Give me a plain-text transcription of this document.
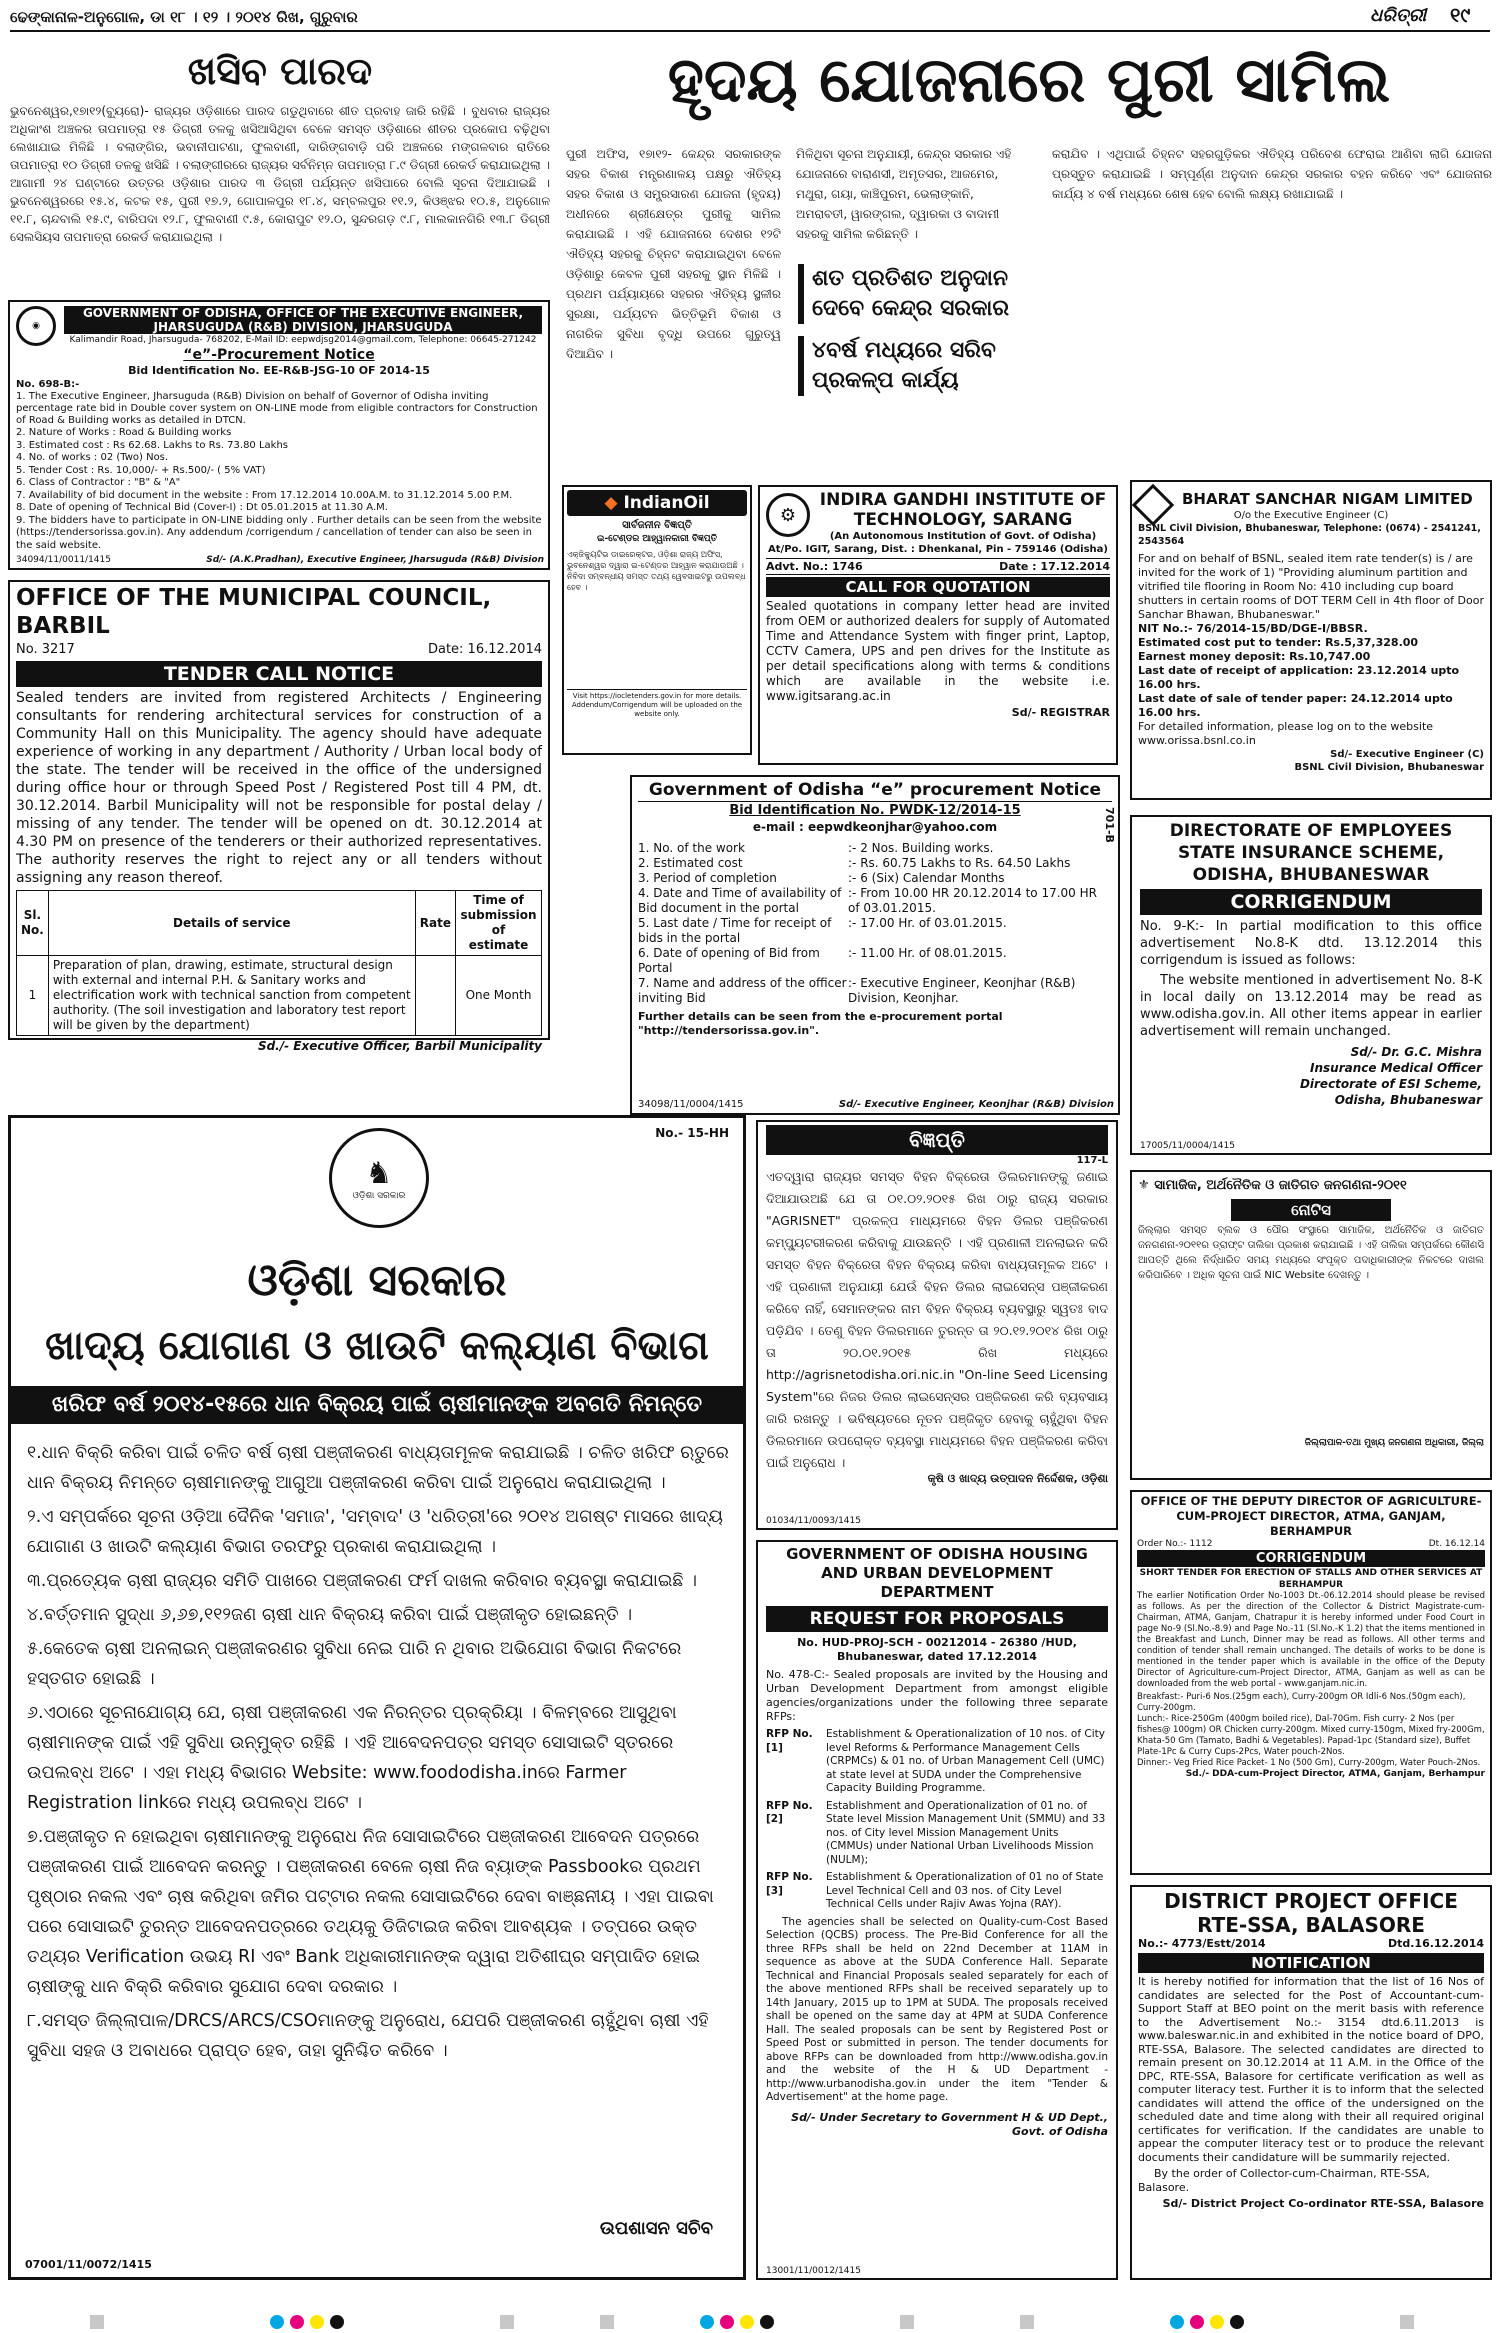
ଢେଙ୍କାନାଳ-ଅନୁଗୋଳ, ଡା ୧୮ । ୧୨ । ୨୦୧୪ ରିଖ, ଗୁରୁବାର	ଧରିତ୍ରୀ ୧୯
ଖସିବ ପାରଦ
ଭୁବନେଶ୍ୱର,୧୭ା୧୨(ବ୍ୟୁରୋ)- ରାଜ୍ୟର ଓଡ଼ିଶାରେ ପାରଦ ଗଡୁଥିବାରେ ଶୀତ ପ୍ରବାହ ଜାରି ରହିଛି । ବୁଧବାର ରାଜ୍ୟର ଅଧିକାଂଶ ଅଞ୍ଚଳର ତାପମାତ୍ରା ୧୫ ଡିଗ୍ରୀ ତଳକୁ ଖସିଆସିଥିବା ବେଳେ ସମସ୍ତ ଓଡ଼ିଶାରେ ଶୀତର ପ୍ରକୋପ ବଢ଼ିଥିବା ଲେଖାଯାଇ ମିଳିଛି । ବଲାଙ୍ଗିର, ଭବାନୀପାଟଣା, ଫୁଲବାଣୀ, ଦାରିଙ୍ଗବାଡ଼ି ପରି ଅଞ୍ଚଳରେ ମଙ୍ଗଳବାର ରାତିରେ ତାପମାତ୍ରା ୧୦ ଡିଗ୍ରୀ ତଳକୁ ଖସିଛି । ବଲାଙ୍ଗୀରରେ ରାଜ୍ୟର ସର୍ବନିମ୍ନ ତାପମାତ୍ରା ୮.୯ ଡିଗ୍ରୀ ରେକର୍ଡ କରାଯାଇଥିଲା । ଆଗାମୀ ୨୪ ଘଣ୍ଟାରେ ଉତ୍ତର ଓଡ଼ିଶାର ପାରଦ ୩ ଡିଗ୍ରୀ ପର୍ଯ୍ୟନ୍ତ ଖସିପାରେ ବୋଲି ସୂଚନା ଦିଆଯାଇଛି । ଭୁବନେଶ୍ୱରରେ ୧୫.୪, କଟକ ୧୫, ପୁରୀ ୧୭.୨, ଗୋପାଳପୁର ୧୮.୪, ସମ୍ବଲପୁର ୧୧.୨, କିଓଞ୍ଝର ୧୦.୫, ଅନୁଗୋଳ ୧୧.୮, ଚାନ୍ଦବାଲି ୧୫.୯, ବାରିପଦା ୧୨.୮, ଫୁଲବାଣୀ ୯.୫, କୋରାପୁଟ ୧୨.୦, ସୁନ୍ଦରଗଡ଼ ୯.୮, ମାଲକାନଗିରି ୧୩.୮ ଡିଗ୍ରୀ ସେଲସିୟସ ତାପମାତ୍ରା ରେକର୍ଡ କରାଯାଇଥିଲା ।
ହୃଦୟ ଯୋଜନାରେ ପୁରୀ ସାମିଲ
ପୁରୀ ଅଫିସ, ୧୭ା୧୨- କେନ୍ଦ୍ର ସରକାରଙ୍କ ସହର ବିକାଶ ମନ୍ତ୍ରଣାଳୟ ପକ୍ଷରୁ ଐତିହ୍ୟ ସହର ବିକାଶ ଓ ସମ୍ପ୍ରସାରଣ ଯୋଜନା (ହୃଦୟ) ଅଧୀନରେ ଶ୍ରୀକ୍ଷେତ୍ର ପୁରୀକୁ ସାମିଲ କରାଯାଇଛି । ଏହି ଯୋଜନାରେ ଦେଶର ୧୨ଟି ଐତିହ୍ୟ ସହରକୁ ଚିହ୍ନଟ କରାଯାଇଥିବା ବେଳେ ଓଡ଼ିଶାରୁ କେବଳ ପୁରୀ ସହରକୁ ସ୍ଥାନ ମିଳିଛି । ପ୍ରଥମ ପର୍ଯ୍ୟାୟରେ ସହରର ଐତିହ୍ୟ ସ୍ଥଳୀର ସୁରକ୍ଷା, ପର୍ଯ୍ୟଟନ ଭିତ୍ତିଭୂମି ବିକାଶ ଓ ନାଗରିକ ସୁବିଧା ବୃଦ୍ଧି ଉପରେ ଗୁରୁତ୍ୱ ଦିଆଯିବ ।
ମିଳିଥିବା ସୂଚନା ଅନୁଯାୟୀ, କେନ୍ଦ୍ର ସରକାର ଏହି ଯୋଜନାରେ ବାରାଣସୀ, ଅମୃତସର, ଆଜମେର, ମଥୁରା, ଗୟା, କାଞ୍ଚିପୁରମ, ଭେଲାଙ୍କାନି, ଅମରାବତୀ, ୱାରଙ୍ଗଲ, ଦ୍ୱାରକା ଓ ବାଦାମୀ ସହରକୁ ସାମିଲ କରିଛନ୍ତି ।
ଶତ ପ୍ରତିଶତ ଅନୁଦାନ ଦେବେ କେନ୍ଦ୍ର ସରକାର
୪ବର୍ଷ ମଧ୍ୟରେ ସରିବ ପ୍ରକଳ୍ପ କାର୍ଯ୍ୟ
କରାଯିବ । ଏଥିପାଇଁ ଚିହ୍ନଟ ସହରଗୁଡ଼ିକର ଐତିହ୍ୟ ପରିବେଶ ଫେରାଇ ଆଣିବା ଲାଗି ଯୋଜନା ପ୍ରସ୍ତୁତ କରାଯାଇଛି । ସମ୍ପୂର୍ଣ୍ଣ ଅନୁଦାନ କେନ୍ଦ୍ର ସରକାର ବହନ କରିବେ ଏବଂ ଯୋଜନାର କାର୍ଯ୍ୟ ୪ ବର୍ଷ ମଧ୍ୟରେ ଶେଷ ହେବ ବୋଲି ଲକ୍ଷ୍ୟ ରଖାଯାଇଛି ।
◉
GOVERNMENT OF ODISHA, OFFICE OF THE EXECUTIVE ENGINEER,
JHARSUGUDA (R&B) DIVISION, JHARSUGUDA
Kalimandir Road, Jharsuguda- 768202, E-Mail ID: eepwdjsg2014@gmail.com, Telephone: 06645-271242
“e”-Procurement Notice
Bid Identification No. EE-R&B-JSG-10 OF 2014-15
No. 698-B:-
1. The Executive Engineer, Jharsuguda (R&B) Division on behalf of Governor of Odisha inviting percentage rate bid in Double cover system on ON-LINE mode from eligible contractors for Construction of Road & Building works as detailed in DTCN.
2. Nature of Works : Road & Building works
3. Estimated cost : Rs 62.68. Lakhs to Rs. 73.80 Lakhs
4. No. of works : 02 (Two) Nos.
5. Tender Cost : Rs. 10,000/- + Rs.500/- ( 5% VAT)
6. Class of Contractor : "B" & "A"
7. Availability of bid document in the website : From 17.12.2014 10.00A.M. to 31.12.2014 5.00 P.M.
8. Date of opening of Technical Bid (Cover-I) : Dt 05.01.2015 at 11.30 A.M.
9. The bidders have to participate in ON-LINE bidding only . Further details can be seen from the website (https://tendersorissa.gov.in). Any addendum /corrigendum / cancellation of tender can also be seen in the said website.
34094/11/0011/1415	Sd/- (A.K.Pradhan), Executive Engineer, Jharsuguda (R&B) Division
OFFICE OF THE MUNICIPAL COUNCIL, BARBIL
No. 3217	Date: 16.12.2014
TENDER CALL NOTICE
Sealed tenders are invited from registered Architects / Engineering consultants for rendering architectural services for construction of a Community Hall on this Municipality. The agency should have adequate experience of working in any department / Authority / Urban local body of the state. The tender will be received in the office of the undersigned during office hour or through Speed Post / Registered Post till 4 PM, dt. 30.12.2014. Barbil Municipality will not be responsible for postal delay / missing of any tender. The tender will be opened on dt. 30.12.2014 at 4.30 PM on presence of the tenderers or their authorized representatives. The authority reserves the right to reject any or all tenders without assigning any reason thereof.
Sl. No.	Details of service	Rate	Time of submission of estimate
1	Preparation of plan, drawing, estimate, structural design with external and internal P.H. & Sanitary works and electrification work with technical sanction from competent authority. (The soil investigation and laboratory test report will be given by the department)		One Month
Sd./- Executive Officer, Barbil Municipality
◆ IndianOil
ସାର୍ବଜନୀନ ବିଜ୍ଞପ୍ତି
ଇ-ଟେଣ୍ଡର ଆହ୍ୱାନକାରୀ ବିଜ୍ଞପ୍ତି
ଏକ୍ଜିକ୍ୟୁଟିଭ ଡାଇରେକ୍ଟର, ଓଡ଼ିଶା ରାଜ୍ୟ ଅଫିସ, ଭୁବନେଶ୍ୱର ଦ୍ୱାରା ଇ-ଟେଣ୍ଡର ଆହ୍ୱାନ କରାଯାଉଅଛି । ନିବିଦା ସମ୍ବନ୍ଧୀୟ ସମସ୍ତ ତଥ୍ୟ ୱେବସାଇଟରୁ ଉପଲବ୍ଧ ହେବ ।
Visit https://iocletenders.gov.in for more details. Addendum/Corrigendum will be uploaded on the website only.
⚙
INDIRA GANDHI INSTITUTE OF TECHNOLOGY, SARANG
(An Autonomous Institution of Govt. of Odisha)
At/Po. IGIT, Sarang, Dist. : Dhenkanal, Pin - 759146 (Odisha)
Advt. No.: 1746	Date : 17.12.2014
CALL FOR QUOTATION
Sealed quotations in company letter head are invited from OEM or authorized dealers for supply of Automated Time and Attendance System with finger print, Laptop, CCTV Camera, UPS and pen drives for the Institute as per detail specifications along with terms & conditions which are available in the website i.e. www.igitsarang.ac.in
Sd/- REGISTRAR
BHARAT SANCHAR NIGAM LIMITED
O/o the Executive Engineer (C)
BSNL Civil Division, Bhubaneswar, Telephone: (0674) - 2541241, 2543564
For and on behalf of BSNL, sealed item rate tender(s) is / are invited for the work of 1) "Providing aluminum partition and vitrified tile flooring in Room No: 410 including cup board shutters in certain rooms of DOT TERM Cell in 4th floor of Door Sanchar Bhawan, Bhubaneswar."
NIT No.:- 76/2014-15/BD/DGE-I/BBSR.
Estimated cost put to tender: Rs.5,37,328.00
Earnest money deposit: Rs.10,747.00
Last date of receipt of application: 23.12.2014 upto 16.00 hrs.
Last date of sale of tender paper: 24.12.2014 upto 16.00 hrs.
For detailed information, please log on to the website www.orissa.bsnl.co.in
Sd/- Executive Engineer (C)
BSNL Civil Division, Bhubaneswar
Government of Odisha “e” procurement Notice
Bid Identification No. PWDK-12/2014-15
e-mail : eepwdkeonjhar@yahoo.com	701-B
1. No. of the work	:- 2 Nos. Building works.
2. Estimated cost	:- Rs. 60.75 Lakhs to Rs. 64.50 Lakhs
3. Period of completion	:- 6 (Six) Calendar Months
4. Date and Time of availability of Bid document in the portal	:- From 10.00 HR 20.12.2014 to 17.00 HR of 03.01.2015.
5. Last date / Time for receipt of bids in the portal	:- 17.00 Hr. of 03.01.2015.
6. Date of opening of Bid from Portal	:- 11.00 Hr. of 08.01.2015.
7. Name and address of the officer inviting Bid	:- Executive Engineer, Keonjhar (R&B) Division, Keonjhar.
Further details can be seen from the e-procurement portal "http://tendersorissa.gov.in".
34098/11/0004/1415	Sd/- Executive Engineer, Keonjhar (R&B) Division
DIRECTORATE OF EMPLOYEES STATE INSURANCE SCHEME, ODISHA, BHUBANESWAR
CORRIGENDUM
No. 9-K:- In partial modification to this office advertisement No.8-K dtd. 13.12.2014 this corrigendum is issued as follows:
The website mentioned in advertisement No. 8-K in local daily on 13.12.2014 may be read as www.odisha.gov.in. All other items appear in earlier advertisement will remain unchanged.
Sd/- Dr. G.C. Mishra
Insurance Medical Officer
Directorate of ESI Scheme,
Odisha, Bhubaneswar
17005/11/0004/1415
No.- 15-HH
♞
ଓଡ଼ିଶା ସରକାର
ଓଡ଼ିଶା ସରକାର
ଖାଦ୍ୟ ଯୋଗାଣ ଓ ଖାଉଟି କଲ୍ୟାଣ ବିଭାଗ
ଖରିଫ ବର୍ଷ ୨୦୧୪-୧୫ରେ ଧାନ ବିକ୍ରୟ ପାଇଁ ଚାଷୀମାନଙ୍କ ଅବଗତି ନିମନ୍ତେ
୧.ଧାନ ବିକ୍ରି କରିବା ପାଇଁ ଚଳିତ ବର୍ଷ ଚାଷୀ ପଞ୍ଜୀକରଣ ବାଧ୍ୟତାମୂଳକ କରାଯାଇଛି । ଚଳିତ ଖରିଫ ଋତୁରେ ଧାନ ବିକ୍ରୟ ନିମନ୍ତେ ଚାଷୀମାନଙ୍କୁ ଆଗୁଆ ପଞ୍ଜୀକରଣ କରିବା ପାଇଁ ଅନୁରୋଧ କରାଯାଇଥିଲା ।
୨.ଏ ସମ୍ପର୍କରେ ସୂଚନା ଓଡ଼ିଆ ଦୈନିକ 'ସମାଜ', 'ସମ୍ବାଦ' ଓ 'ଧରିତ୍ରୀ'ରେ ୨୦୧୪ ଅଗଷ୍ଟ ମାସରେ ଖାଦ୍ୟ ଯୋଗାଣ ଓ ଖାଉଟି କଲ୍ୟାଣ ବିଭାଗ ତରଫରୁ ପ୍ରକାଶ କରାଯାଇଥିଲା ।
୩.ପ୍ରତ୍ୟେକ ଚାଷୀ ରାଜ୍ୟର ସମିତି ପାଖରେ ପଞ୍ଜୀକରଣ ଫର୍ମ ଦାଖଲ କରିବାର ବ୍ୟବସ୍ଥା କରାଯାଇଛି ।
୪.ବର୍ତ୍ତମାନ ସୁଦ୍ଧା ୬,୬୭,୧୧୨ଜଣ ଚାଷୀ ଧାନ ବିକ୍ରୟ କରିବା ପାଇଁ ପଞ୍ଜୀକୃତ ହୋଇଛନ୍ତି ।
୫.କେତେକ ଚାଷୀ ଅନଲାଇନ୍ ପଞ୍ଜୀକରଣର ସୁବିଧା ନେଇ ପାରି ନ ଥିବାର ଅଭିଯୋଗ ବିଭାଗ ନିକଟରେ ହସ୍ତଗତ ହୋଇଛି ।
୬.ଏଠାରେ ସୂଚନାଯୋଗ୍ୟ ଯେ, ଚାଷୀ ପଞ୍ଜୀକରଣ ଏକ ନିରନ୍ତର ପ୍ରକ୍ରିୟା । ବିଳମ୍ବରେ ଆସୁଥିବା ଚାଷୀମାନଙ୍କ ପାଇଁ ଏହି ସୁବିଧା ଉନ୍ମୁକ୍ତ ରହିଛି । ଏହି ଆବେଦନପତ୍ର ସମସ୍ତ ସୋସାଇଟି ସ୍ତରରେ ଉପଲବ୍ଧ ଅଟେ । ଏହା ମଧ୍ୟ ବିଭାଗର Website: www.foododisha.inରେ Farmer Registration linkରେ ମଧ୍ୟ ଉପଲବ୍ଧ ଅଟେ ।
୭.ପଞ୍ଜୀକୃତ ନ ହୋଇଥିବା ଚାଷୀମାନଙ୍କୁ ଅନୁରୋଧ ନିଜ ସୋସାଇଟିରେ ପଞ୍ଜୀକରଣ ଆବେଦନ ପତ୍ରରେ ପଞ୍ଜୀକରଣ ପାଇଁ ଆବେଦନ କରନ୍ତୁ । ପଞ୍ଜୀକରଣ ବେଳେ ଚାଷୀ ନିଜ ବ୍ୟାଙ୍କ Passbookର ପ୍ରଥମ ପୃଷ୍ଠାର ନକଲ ଏବଂ ଚାଷ କରିଥିବା ଜମିର ପଟ୍ଟାର ନକଲ ସୋସାଇଟିରେ ଦେବା ବାଞ୍ଛନୀୟ । ଏହା ପାଇବା ପରେ ସୋସାଇଟି ତୁରନ୍ତ ଆବେଦନପତ୍ରରେ ତଥ୍ୟକୁ ଡିଜିଟାଇଜ କରିବା ଆବଶ୍ୟକ । ତତ୍ପରେ ଉକ୍ତ ତଥ୍ୟର Verification ଉଭୟ RI ଏବଂ Bank ଅଧିକାରୀମାନଙ୍କ ଦ୍ୱାରା ଅତିଶୀଘ୍ର ସମ୍ପାଦିତ ହୋଇ ଚାଷୀଙ୍କୁ ଧାନ ବିକ୍ରି କରିବାର ସୁଯୋଗ ଦେବା ଦରକାର ।
୮.ସମସ୍ତ ଜିଲ୍ଲାପାଳ/DRCS/ARCS/CSOମାନଙ୍କୁ ଅନୁରୋଧ, ଯେପରି ପଞ୍ଜୀକରଣ ଚାହୁଁଥିବା ଚାଷୀ ଏହି ସୁବିଧା ସହଜ ଓ ଅବାଧରେ ପ୍ରାପ୍ତ ହେବ, ତାହା ସୁନିଶ୍ଚିତ କରିବେ ।
ଉପଶାସନ ସଚିବ
07001/11/0072/1415
ବିଜ୍ଞପ୍ତି
117-L
ଏତଦ୍ୱାରା ରାଜ୍ୟର ସମସ୍ତ ବିହନ ବିକ୍ରେତା ଡିଲରମାନଙ୍କୁ ଜଣାଇ ଦିଆଯାଉଅଛି ଯେ ତା ୦୧.୦୨.୨୦୧୫ ରିଖ ଠାରୁ ରାଜ୍ୟ ସରକାର "AGRISNET" ପ୍ରକଳ୍ପ ମାଧ୍ୟମରେ ବିହନ ଡିଲର ପଞ୍ଜିକରଣ କମ୍ପ୍ୟୁଟରୀକରଣ କରିବାକୁ ଯାଉଛନ୍ତି । ଏହି ପ୍ରଣାଳୀ ଅନଲାଇନ କରି ସମସ୍ତ ବିହନ ବିକ୍ରେତା ବିହନ ବିକ୍ରୟ କରିବା ବାଧ୍ୟତାମୂଳକ ଅଟେ । ଏହି ପ୍ରଣାଳୀ ଅନୁଯାୟୀ ଯେଉଁ ବିହନ ଡିଲର ଲାଇସେନ୍ସ ପଞ୍ଜୀକରଣ କରିବେ ନାହିଁ, ସେମାନଙ୍କର ନାମ ବିହନ ବିକ୍ରୟ ବ୍ୟବସ୍ଥାରୁ ସ୍ୱତଃ ବାଦ ପଡ଼ିଯିବ । ତେଣୁ ବିହନ ଡିଲରମାନେ ତୁରନ୍ତ ତା ୨୦.୧୨.୨୦୧୪ ରିଖ ଠାରୁ ତା ୨୦.୦୧.୨୦୧୫ ରିଖ ମଧ୍ୟରେ http://agrisnetodisha.ori.nic.in "On-line Seed Licensing System"ରେ ନିଜର ଡିଲର ଲାଇସେନ୍ସର ପଞ୍ଜିକରଣ କରି ବ୍ୟବସାୟ ଜାରି ରଖନ୍ତୁ । ଭବିଷ୍ୟତରେ ନୂତନ ପଞ୍ଜିକୃତ ହେବାକୁ ଚାହୁଁଥିବା ବିହନ ଡିଲରମାନେ ଉପରୋକ୍ତ ବ୍ୟବସ୍ଥା ମାଧ୍ୟମରେ ବିହନ ପଞ୍ଜିକରଣ କରିବା ପାଇଁ ଅନୁରୋଧ ।
କୃଷି ଓ ଖାଦ୍ୟ ଉତ୍ପାଦନ ନିର୍ଦ୍ଦେଶକ, ଓଡ଼ିଶା
01034/11/0093/1415
⚜ ସାମାଜିକ, ଅର୍ଥନୈତିକ ଓ ଜାତିଗତ ଜନଗଣନା-୨୦୧୧
ନୋଟିସ
ଜିଲ୍ଲାର ସମସ୍ତ ବ୍ଲକ ଓ ପୌର ସଂସ୍ଥାରେ ସାମାଜିକ, ଅର୍ଥନୈତିକ ଓ ଜାତିଗତ ଜନଗଣନା-୨୦୧୧ର ଡ୍ରାଫ୍ଟ ତାଲିକା ପ୍ରକାଶ କରାଯାଇଛି । ଏହି ତାଲିକା ସମ୍ପର୍କରେ କୌଣସି ଆପତ୍ତି ଥିଲେ ନିର୍ଦ୍ଧାରିତ ସମୟ ମଧ୍ୟରେ ସଂପୃକ୍ତ ପଦାଧିକାରୀଙ୍କ ନିକଟରେ ଦାଖଲ କରିପାରିବେ । ଅଧିକ ସୂଚନା ପାଇଁ NIC Website ଦେଖନ୍ତୁ ।
ଜିଲ୍ଲାପାଳ-ତଥା ମୁଖ୍ୟ ଜନଗଣନା ଅଧିକାରୀ, ଜିଲ୍ଲା
OFFICE OF THE DEPUTY DIRECTOR OF AGRICULTURE-CUM-PROJECT DIRECTOR, ATMA, GANJAM, BERHAMPUR
Order No.:- 1112	Dt. 16.12.14
CORRIGENDUM
SHORT TENDER FOR ERECTION OF STALLS AND OTHER SERVICES AT BERHAMPUR
The earlier Notification Order No-1003 Dt.-06.12.2014 should please be revised as follows. As per the direction of the Collector & District Magistrate-cum-Chairman, ATMA, Ganjam, Chatrapur it is hereby informed under Food Court in page No-9 (Sl.No.-8.9) and Page No.-11 (Sl.No.-K 1.2) that the items mentioned in the Breakfast and Lunch, Dinner may be read as follows. All other terms and condition of tender shall remain unchanged. The details of works to be done is mentioned in the tender paper which is available in the office of the Deputy Director of Agriculture-cum-Project Director, ATMA, Ganjam as well as can be downloaded from the web portal - www.ganjam.nic.in.
Breakfast:- Puri-6 Nos.(25gm each), Curry-200gm OR Idli-6 Nos.(50gm each), Curry-200gm.
Lunch:- Rice-250Gm (400gm boiled rice), Dal-70Gm. Fish curry- 2 Nos (per fishes@ 100gm) OR Chicken curry-200gm. Mixed curry-150gm, Mixed fry-200Gm, Khata-50 Gm (Tamato, Badhi & Vegetables). Papad-1pc (Standard size), Buffet Plate-1Pc & Curry Cups-2Pcs, Water pouch-2Nos.
Dinner:- Veg Fried Rice Packet- 1 No (500 Gm), Curry-200gm, Water Pouch-2Nos.
Sd./- DDA-cum-Project Director, ATMA, Ganjam, Berhampur
GOVERNMENT OF ODISHA HOUSING AND URBAN DEVELOPMENT DEPARTMENT
REQUEST FOR PROPOSALS
No. HUD-PROJ-SCH - 00212014 - 26380 /HUD, Bhubaneswar, dated 17.12.2014
No. 478-C:- Sealed proposals are invited by the Housing and Urban Development Department from amongst eligible agencies/organizations under the following three separate RFPs:
RFP No. [1]	Establishment & Operationalization of 10 nos. of City level Reforms & Performance Management Cells (CRPMCs) & 01 no. of Urban Management Cell (UMC) at state level at SUDA under the Comprehensive Capacity Building Programme.
RFP No. [2]	Establishment and Operationalization of 01 no. of State level Mission Management Unit (SMMU) and 33 nos. of City level Mission Management Units (CMMUs) under National Urban Livelihoods Mission (NULM);
RFP No. [3]	Establishment & Operationalization of 01 no of State Level Technical Cell and 03 nos. of City Level Technical Cells under Rajiv Awas Yojna (RAY).
The agencies shall be selected on Quality-cum-Cost Based Selection (QCBS) process. The Pre-Bid Conference for all the three RFPs shall be held on 22nd December at 11AM in sequence as above at the SUDA Conference Hall. Separate Technical and Financial Proposals sealed separately for each of the above mentioned RFPs shall be received separately up to 14th January, 2015 up to 1PM at SUDA. The proposals received shall be opened on the same day at 4PM at SUDA Conference Hall. The sealed proposals can be sent by Registered Post or Speed Post or submitted in person. The tender documents for above RFPs can be downloaded from http://www.odisha.gov.in and the website of the H & UD Department - http://www.urbanodisha.gov.in under the item "Tender & Advertisement" at the home page.
Sd/- Under Secretary to Government H & UD Dept., Govt. of Odisha
13001/11/0012/1415
DISTRICT PROJECT OFFICE RTE-SSA, BALASORE
No.:- 4773/Estt/2014	Dtd.16.12.2014
NOTIFICATION
It is hereby notified for information that the list of 16 Nos of candidates are selected for the Post of Accountant-cum-Support Staff at BEO point on the merit basis with reference to the Advertisement No.:- 3154 dtd.6.11.2013 is www.baleswar.nic.in and exhibited in the notice board of DPO, RTE-SSA, Balasore. The selected candidates are directed to remain present on 30.12.2014 at 11 A.M. in the Office of the DPC, RTE-SSA, Balasore for certificate verification as well as computer literacy test. Further it is to inform that the selected candidates will attend the office of the undersigned on the scheduled date and time along with their all required original certificates for verification. If the candidates are unable to appear the computer literacy test or to produce the relevant documents their candidature will be summarily rejected.
By the order of Collector-cum-Chairman, RTE-SSA, Balasore.
Sd/- District Project Co-ordinator RTE-SSA, Balasore
